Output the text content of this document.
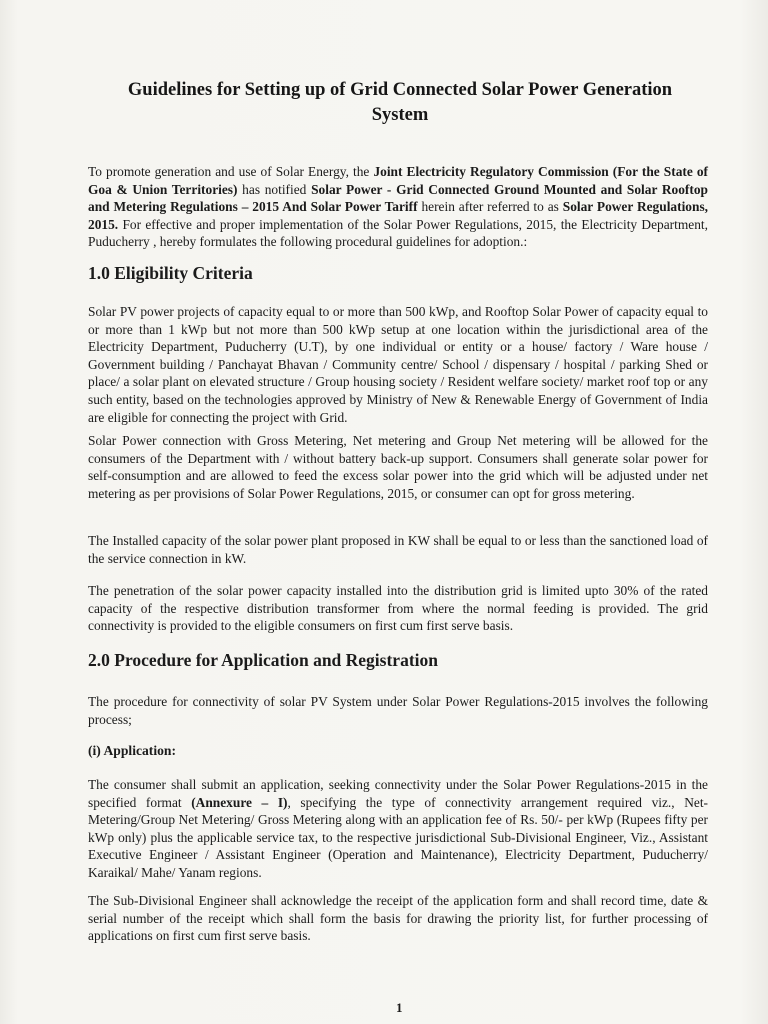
Guidelines for Setting up of Grid Connected Solar Power Generation System
To promote generation and use of Solar Energy, the Joint Electricity Regulatory Commission (For the State of Goa & Union Territories) has notified Solar Power - Grid Connected Ground Mounted and Solar Rooftop and Metering Regulations – 2015 And Solar Power Tariff herein after referred to as Solar Power Regulations, 2015. For effective and proper implementation of the Solar Power Regulations, 2015, the Electricity Department, Puducherry , hereby formulates the following procedural guidelines for adoption.:
1.0 Eligibility Criteria
Solar PV power projects of capacity equal to or more than 500 kWp, and Rooftop Solar Power of capacity equal to or more than 1 kWp but not more than 500 kWp setup at one location within the jurisdictional area of the Electricity Department, Puducherry (U.T), by one individual or entity or a house/ factory / Ware house / Government building / Panchayat Bhavan / Community centre/ School / dispensary / hospital / parking Shed or place/ a solar plant on elevated structure / Group housing society / Resident welfare society/ market roof top or any such entity, based on the technologies approved by Ministry of New & Renewable Energy of Government of India are eligible for connecting the project with Grid.
Solar Power connection with Gross Metering, Net metering and Group Net metering will be allowed for the consumers of the Department with / without battery back-up support. Consumers shall generate solar power for self-consumption and are allowed to feed the excess solar power into the grid which will be adjusted under net metering as per provisions of Solar Power Regulations, 2015, or consumer can opt for gross metering.
The Installed capacity of the solar power plant proposed in KW shall be equal to or less than the sanctioned load of the service connection in kW.
The penetration of the solar power capacity installed into the distribution grid is limited upto 30% of the rated capacity of the respective distribution transformer from where the normal feeding is provided. The grid connectivity is provided to the eligible consumers on first cum first serve basis.
2.0 Procedure for Application and Registration
The procedure for connectivity of solar PV System under Solar Power Regulations-2015 involves the following process;
(i) Application:
The consumer shall submit an application, seeking connectivity under the Solar Power Regulations-2015 in the specified format (Annexure – I), specifying the type of connectivity arrangement required viz., Net-Metering/Group Net Metering/ Gross Metering along with an application fee of Rs. 50/- per kWp (Rupees fifty per kWp only) plus the applicable service tax, to the respective jurisdictional Sub-Divisional Engineer, Viz., Assistant Executive Engineer / Assistant Engineer (Operation and Maintenance), Electricity Department, Puducherry/ Karaikal/ Mahe/ Yanam regions.
The Sub-Divisional Engineer shall acknowledge the receipt of the application form and shall record time, date & serial number of the receipt which shall form the basis for drawing the priority list, for further processing of applications on first cum first serve basis.
1
